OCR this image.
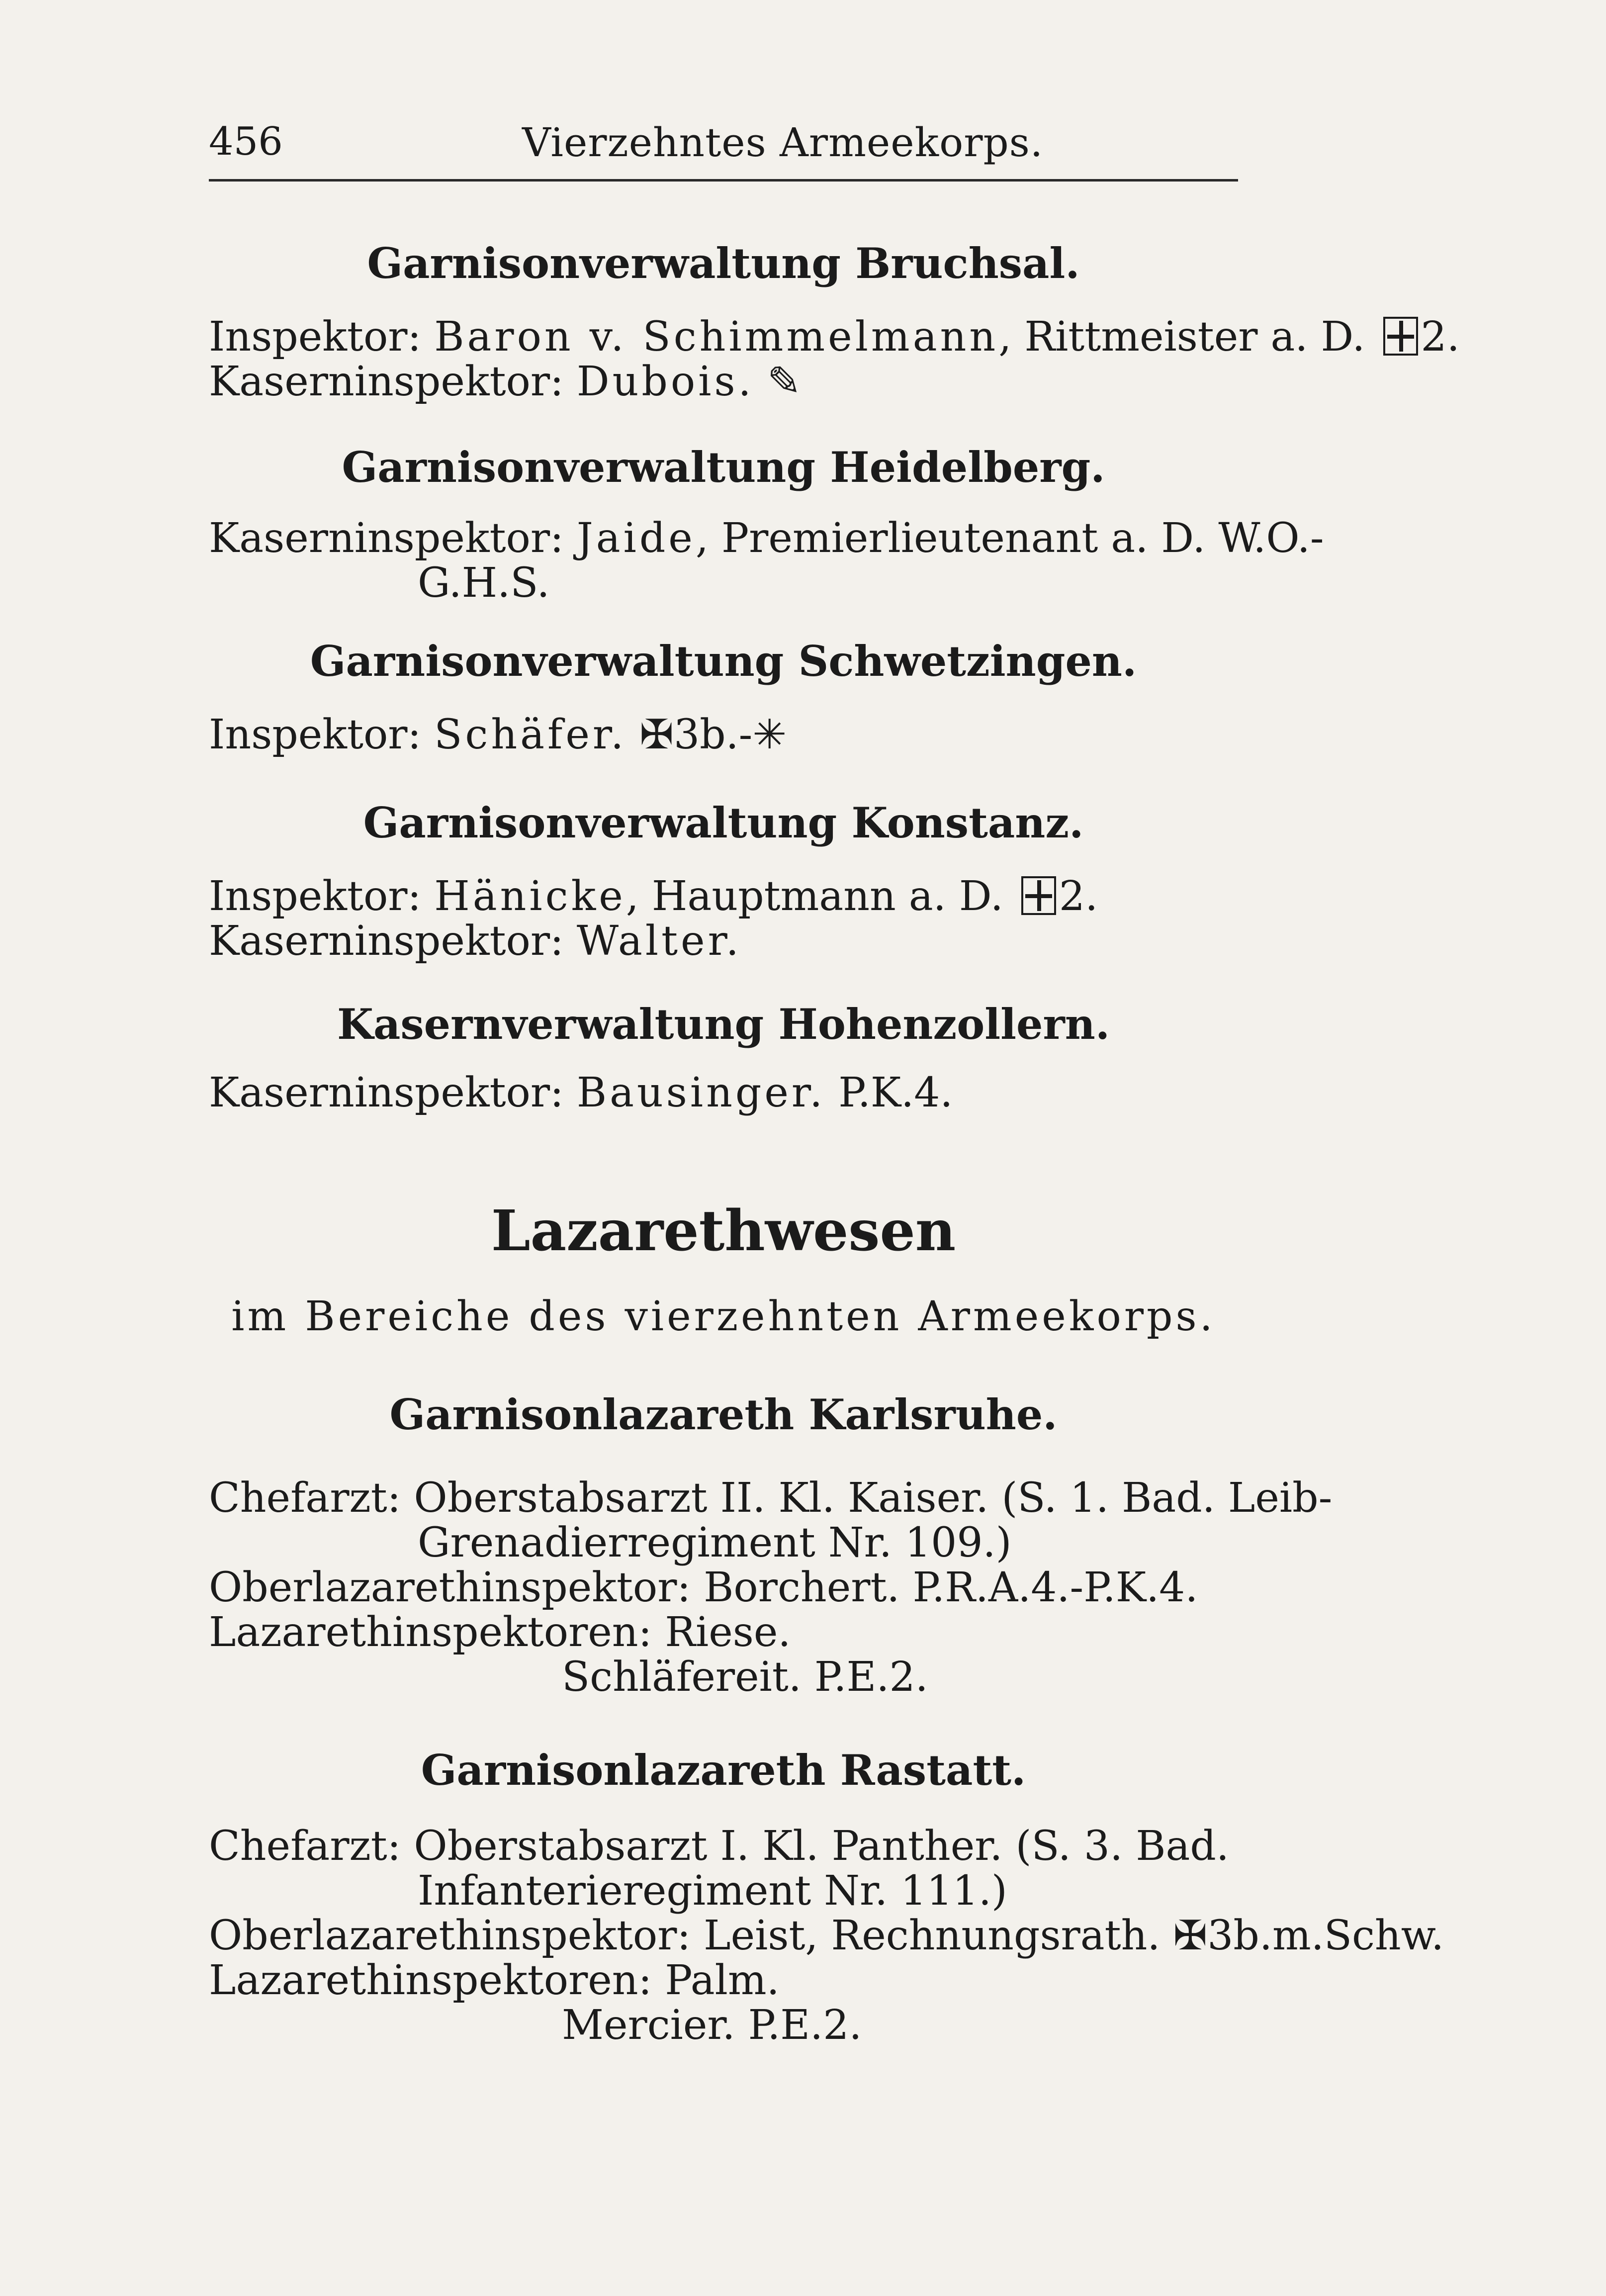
456	Vierzehntes Armeekorps.
Garnisonverwaltung Bruchsal.
Inspektor: Baron v. Schimmelmann, Rittmeister a. D. 2.
Kaserninspektor: Dubois. ✎
Garnisonverwaltung Heidelberg.
Kaserninspektor: Jaide, Premierlieutenant a. D. W.O.-
G.H.S.
Garnisonverwaltung Schwetzingen.
Inspektor: Schäfer. ✠3b.-✳
Garnisonverwaltung Konstanz.
Inspektor: Hänicke, Hauptmann a. D. 2.
Kaserninspektor: Walter.
Kasernverwaltung Hohenzollern.
Kaserninspektor: Bausinger. P.K.4.
Lazarethwesen
im Bereiche des vierzehnten Armeekorps.
Garnisonlazareth Karlsruhe.
Chefarzt: Oberstabsarzt II. Kl. Kaiser. (S. 1. Bad. Leib-
Grenadierregiment Nr. 109.)
Oberlazarethinspektor: Borchert. P.R.A.4.-P.K.4.
Lazarethinspektoren: Riese.
Schläfereit. P.E.2.
Garnisonlazareth Rastatt.
Chefarzt: Oberstabsarzt I. Kl. Panther. (S. 3. Bad.
Infanterieregiment Nr. 111.)
Oberlazarethinspektor: Leist, Rechnungsrath. ✠3b.m.Schw.
Lazarethinspektoren: Palm.
Mercier. P.E.2.
